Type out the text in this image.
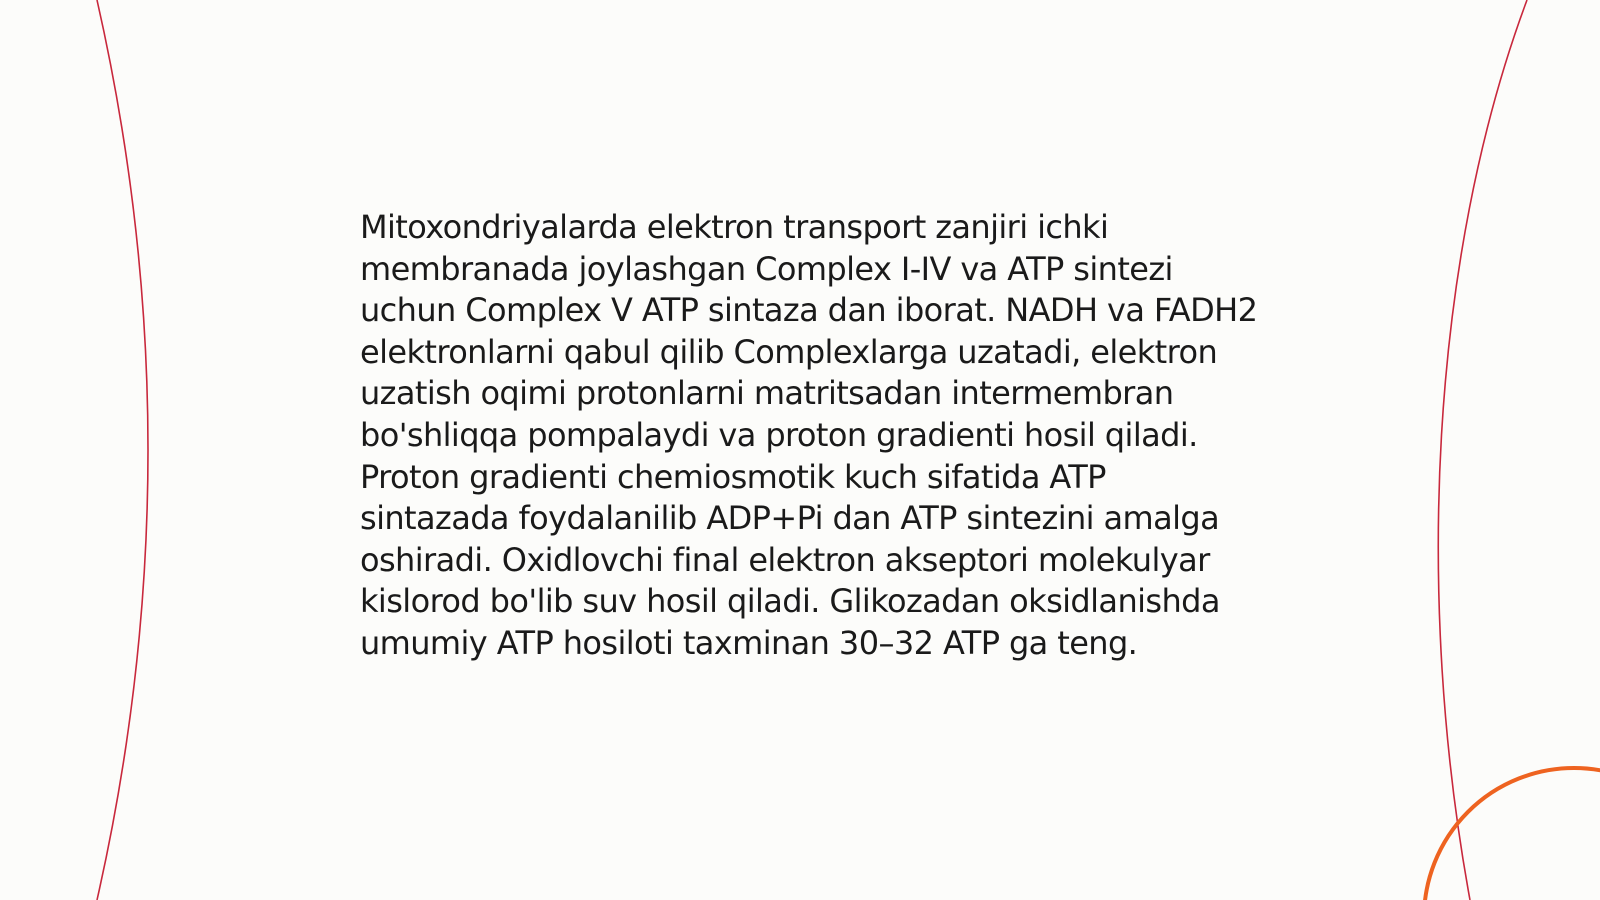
Mitoxondriyalarda elektron transport zanjiri ichki membranada joylashgan Complex I-IV va ATP sintezi uchun Complex V ATP sintaza dan iborat. NADH va FADH2 elektronlarni qabul qilib Complexlarga uzatadi, elektron uzatish oqimi protonlarni matritsadan intermembran bo'shliqqa pompalaydi va proton gradienti hosil qiladi. Proton gradienti chemiosmotik kuch sifatida ATP sintazada foydalanilib ADP+Pi dan ATP sintezini amalga oshiradi. Oxidlovchi final elektron akseptori molekulyar kislorod bo'lib suv hosil qiladi. Glikozadan oksidlanishda umumiy ATP hosiloti taxminan 30–32 ATP ga teng.
